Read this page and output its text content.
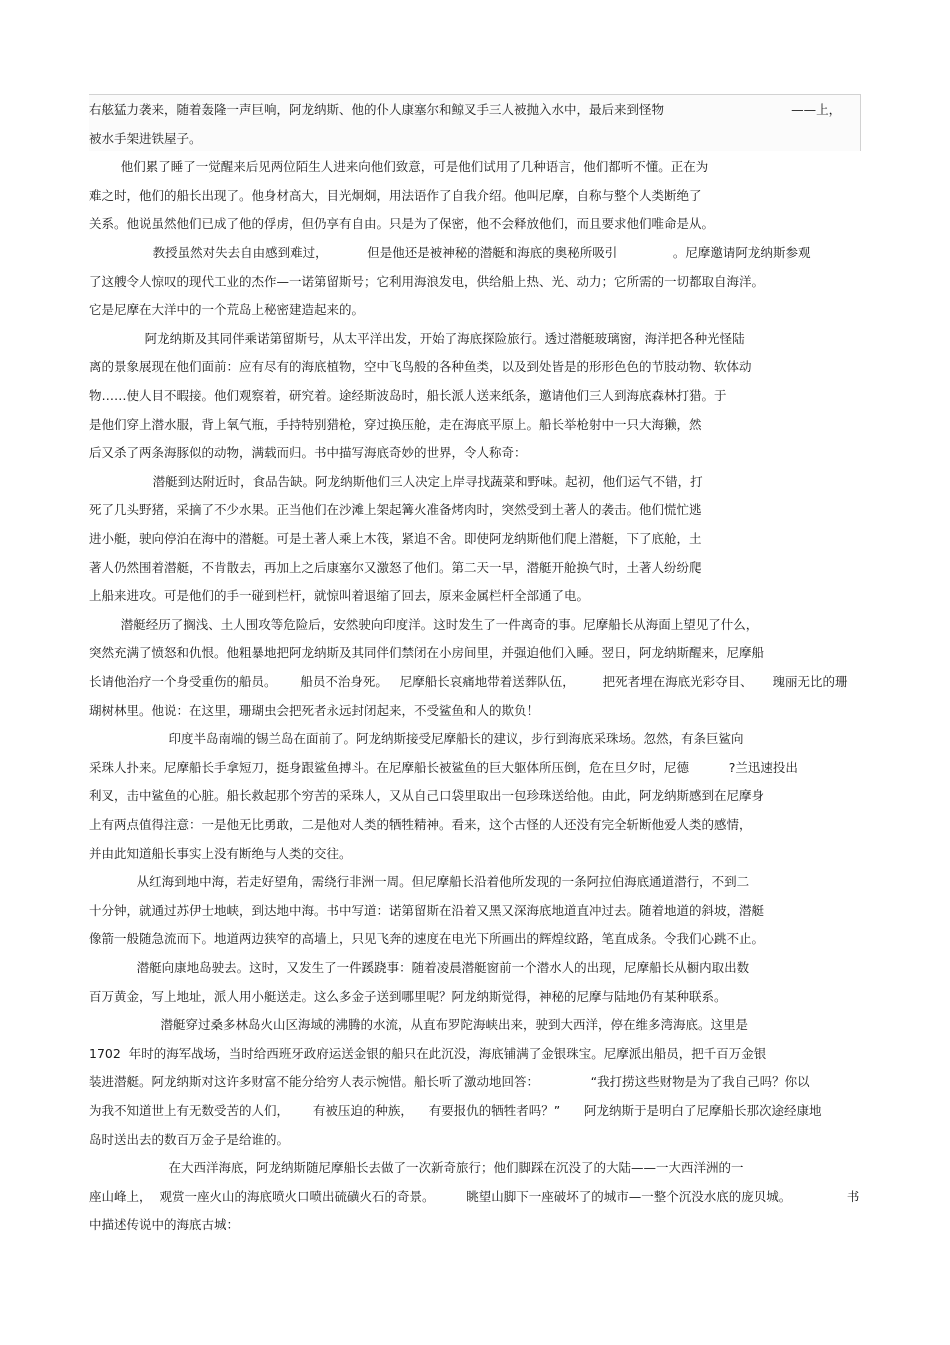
右舷猛力袭来，随着轰隆一声巨响，阿龙纳斯、他的仆人康塞尔和鲸叉手三人被抛入水中，最后来到怪物                                ——上，
被水手架进铁屋子。
他们累了睡了一觉醒来后见两位陌生人进来向他们致意，可是他们试用了几种语言，他们都听不懂。正在为
难之时，他们的船长出现了。他身材高大，目光炯炯，用法语作了自我介绍。他叫尼摩，自称与整个人类断绝了
关系。他说虽然他们已成了他的俘虏，但仍享有自由。只是为了保密，他不会释放他们，而且要求他们唯命是从。
教授虽然对失去自由感到难过，          但是他还是被神秘的潜艇和海底的奥秘所吸引              。尼摩邀请阿龙纳斯参观
了这艘令人惊叹的现代工业的杰作—一诺第留斯号；它利用海浪发电，供给船上热、光、动力；它所需的一切都取自海洋。
它是尼摩在大洋中的一个荒岛上秘密建造起来的。
阿龙纳斯及其同伴乘诺第留斯号，从太平洋出发，开始了海底探险旅行。透过潜艇玻璃窗，海洋把各种光怪陆
离的景象展现在他们面前：应有尽有的海底植物，空中飞鸟般的各种鱼类，以及到处皆是的形形色色的节肢动物、软体动
物……使人目不暇接。他们观察着，研究着。途经斯波岛时，船长派人送来纸条，邀请他们三人到海底森林打猎。于
是他们穿上潜水服，背上氧气瓶，手持特别猎枪，穿过换压舱，走在海底平原上。船长举枪射中一只大海獭，然
后又杀了两条海豚似的动物，满载而归。书中描写海底奇妙的世界，令人称奇：
潜艇到达附近时，食品告缺。阿龙纳斯他们三人决定上岸寻找蔬菜和野味。起初，他们运气不错，打
死了几头野猪，采摘了不少水果。正当他们在沙滩上架起篝火准备烤肉时，突然受到土著人的袭击。他们慌忙逃
进小艇，驶向停泊在海中的潜艇。可是土著人乘上木筏，紧追不舍。即使阿龙纳斯他们爬上潜艇，下了底舱，土
著人仍然围着潜艇，不肯散去，再加上之后康塞尔又激怒了他们。第二天一早，潜艇开舱换气时，土著人纷纷爬
上船来进攻。可是他们的手一碰到栏杆，就惊叫着退缩了回去，原来金属栏杆全部通了电。
潜艇经历了搁浅、土人围攻等危险后，安然驶向印度洋。这时发生了一件离奇的事。尼摩船长从海面上望见了什么，
突然充满了愤怒和仇恨。他粗暴地把阿龙纳斯及其同伴们禁闭在小房间里，并强迫他们入睡。翌日，阿龙纳斯醒来，尼摩船
长请他治疗一个身受重伤的船员。      船员不治身死。   尼摩船长哀痛地带着送葬队伍，       把死者埋在海底光彩夺目、     瑰丽无比的珊
瑚树林里。他说：在这里，珊瑚虫会把死者永远封闭起来，不受鲨鱼和人的欺负！
印度半岛南端的锡兰岛在面前了。阿龙纳斯接受尼摩船长的建议，步行到海底采珠场。忽然，有条巨鲨向
采珠人扑来。尼摩船长手拿短刀，挺身跟鲨鱼搏斗。在尼摩船长被鲨鱼的巨大躯体所压倒，危在旦夕时，尼德          ?兰迅速投出
利叉，击中鲨鱼的心脏。船长救起那个穷苦的采珠人，又从自己口袋里取出一包珍珠送给他。由此，阿龙纳斯感到在尼摩身
上有两点值得注意：一是他无比勇敢，二是他对人类的牺牲精神。看来，这个古怪的人还没有完全斩断他爱人类的感情，
并由此知道船长事实上没有断绝与人类的交往。
从红海到地中海，若走好望角，需绕行非洲一周。但尼摩船长沿着他所发现的一条阿拉伯海底通道潜行，不到二
十分钟，就通过苏伊士地峡，到达地中海。书中写道：诺第留斯在沿着又黑又深海底地道直冲过去。随着地道的斜坡，潜艇
像箭一般随急流而下。地道两边狭窄的高墙上，只见飞奔的速度在电光下所画出的辉煌纹路，笔直成条。令我们心跳不止。
潜艇向康地岛驶去。这时，又发生了一件蹊跷事：随着凌晨潜艇窗前一个潜水人的出现，尼摩船长从橱内取出数
百万黄金，写上地址，派人用小艇送走。这么多金子送到哪里呢？阿龙纳斯觉得，神秘的尼摩与陆地仍有某种联系。
潜艇穿过桑多林岛火山区海域的沸腾的水流，从直布罗陀海峡出来，驶到大西洋，停在维多湾海底。这里是
1702  年时的海军战场，当时给西班牙政府运送金银的船只在此沉没，海底铺满了金银珠宝。尼摩派出船员，把千百万金银
装进潜艇。阿龙纳斯对这许多财富不能分给穷人表示惋惜。船长听了激动地回答：             “我打捞这些财物是为了我自己吗？你以
为我不知道世上有无数受苦的人们，      有被压迫的种族，    有要报仇的牺牲者吗？”      阿龙纳斯于是明白了尼摩船长那次途经康地
岛时送出去的数百万金子是给谁的。
在大西洋海底，阿龙纳斯随尼摩船长去做了一次新奇旅行；他们脚踩在沉没了的大陆——一大西洋洲的一
座山峰上，  观赏一座火山的海底喷火口喷出硫磺火石的奇景。        眺望山脚下一座破坏了的城市—一整个沉没水底的庞贝城。              书
中描述传说中的海底古城：
